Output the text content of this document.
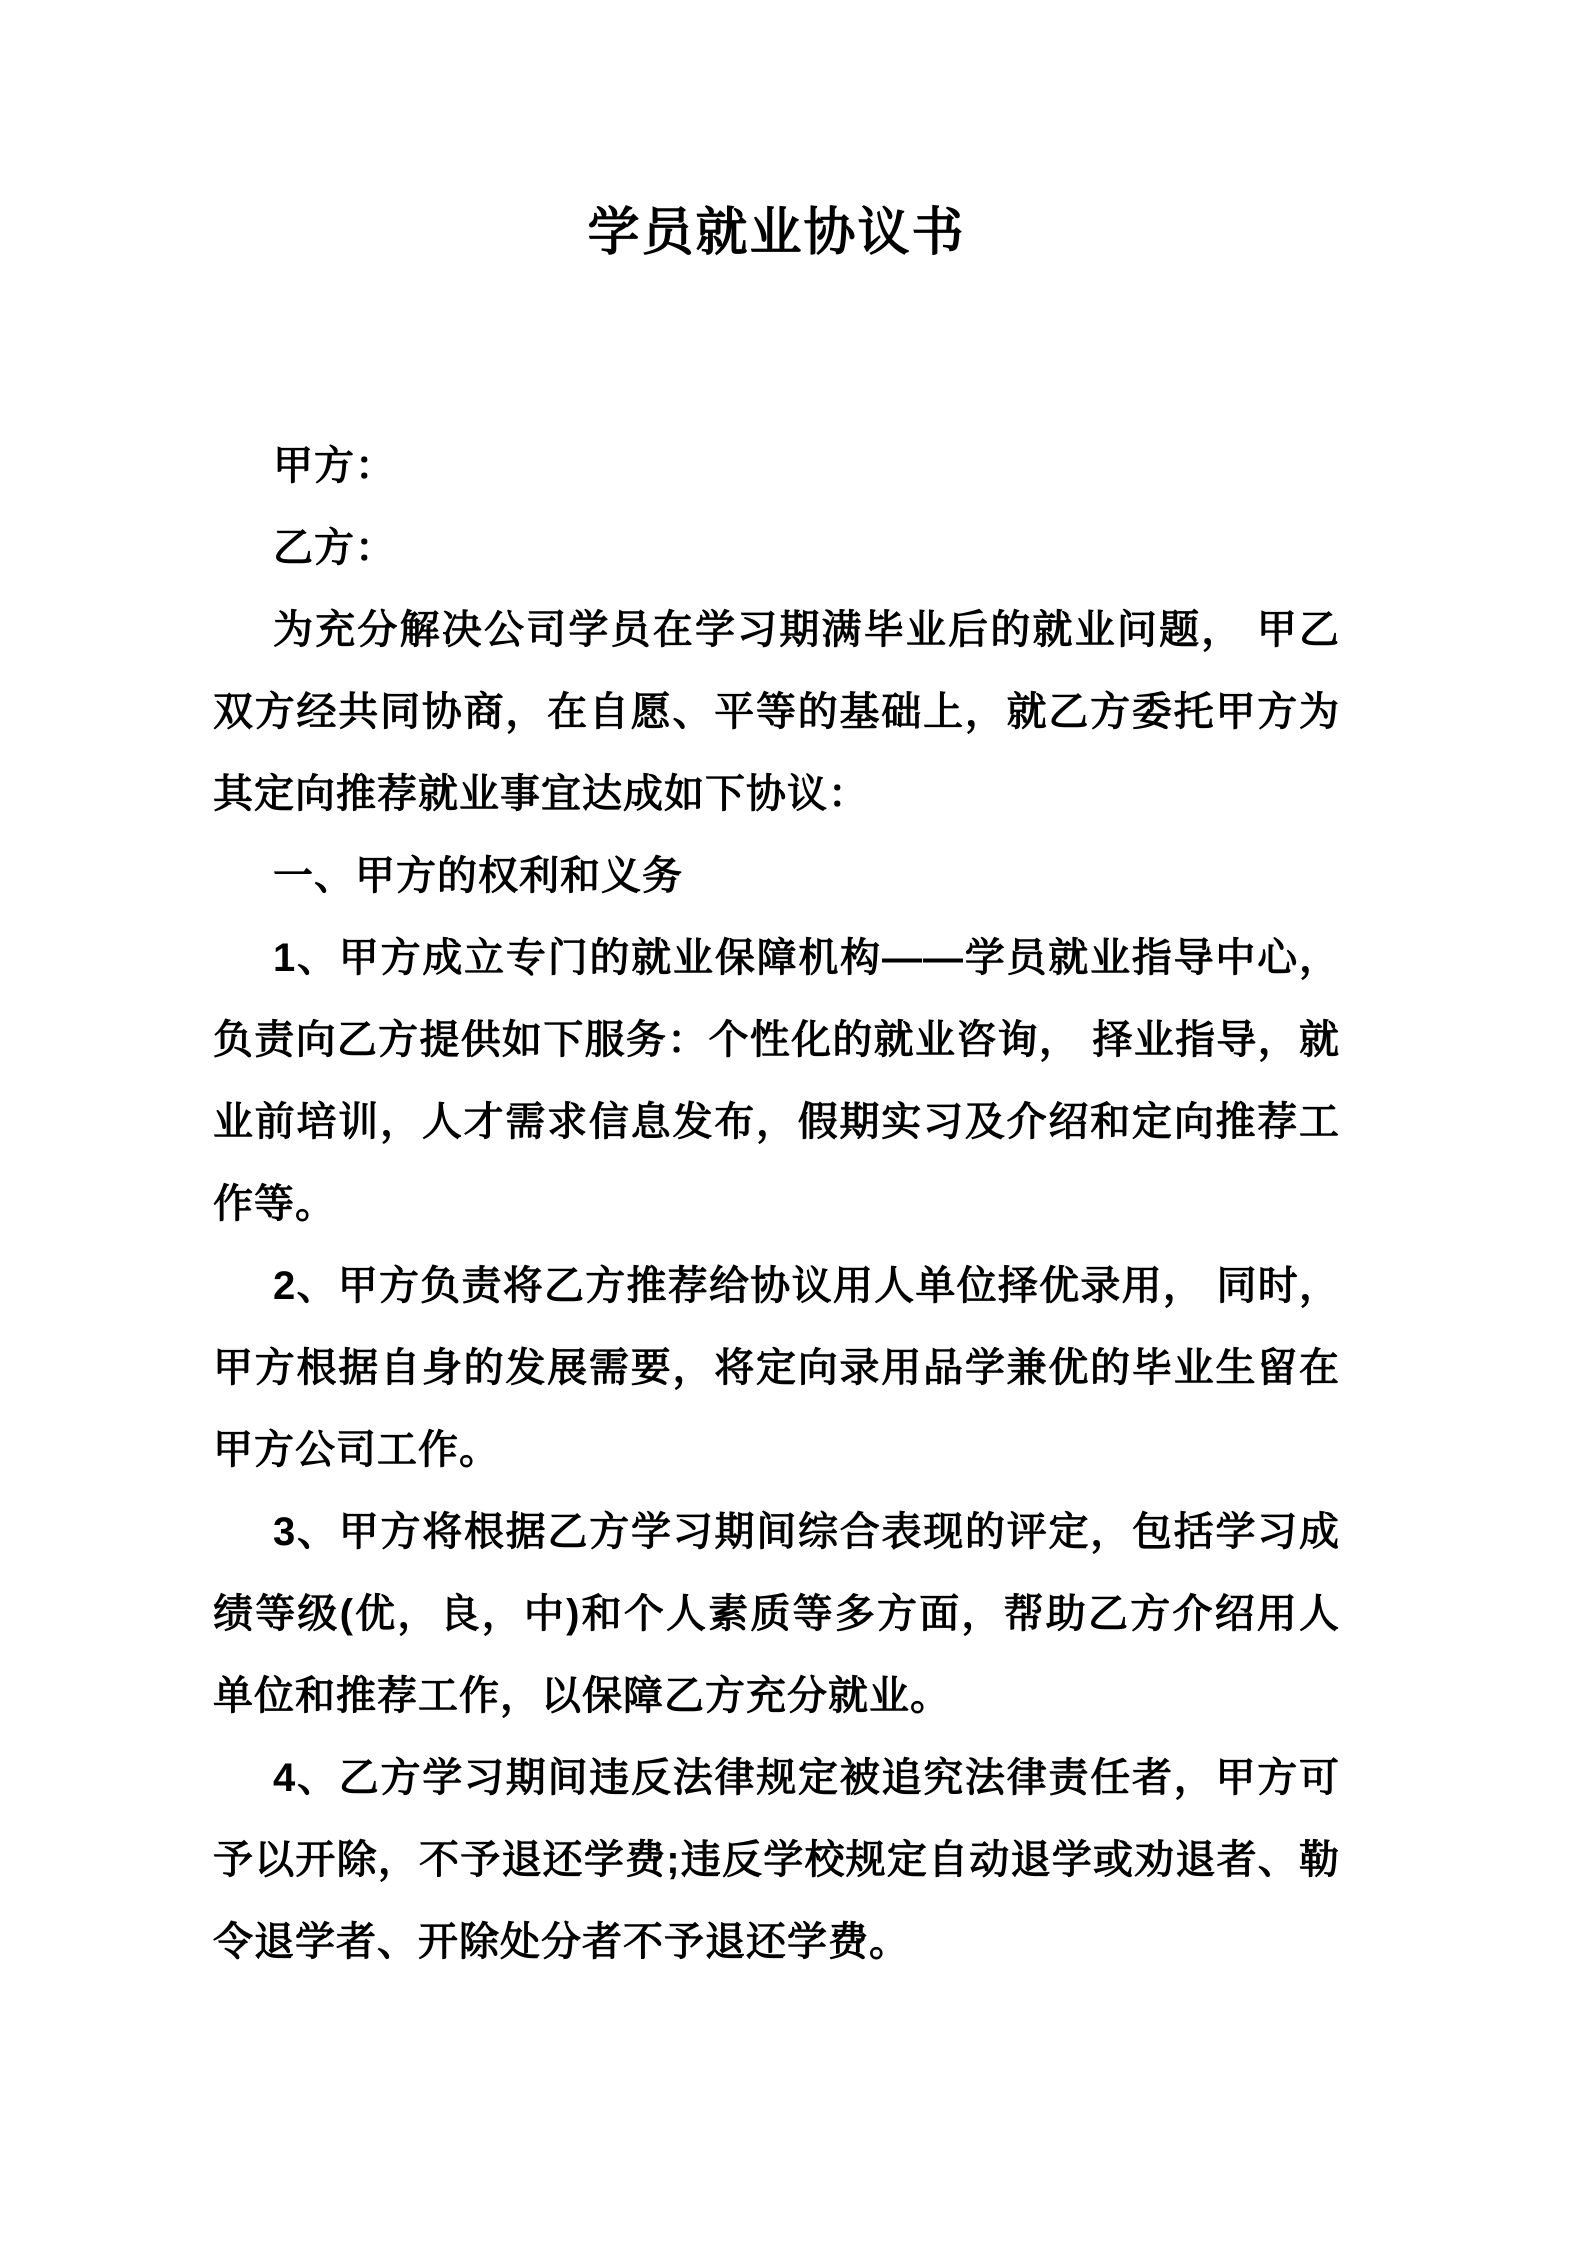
学员就业协议书

甲方：

乙方：

为充分解决公司学员在学习期满毕业后的就业问题， 甲乙双方经共同协商，在自愿、平等的基础上，就乙方委托甲方为其定向推荐就业事宜达成如下协议：

一、甲方的权利和义务

1、甲方成立专门的就业保障机构——学员就业指导中心，负责向乙方提供如下服务：个性化的就业咨询， 择业指导，就业前培训，人才需求信息发布，假期实习及介绍和定向推荐工作等。

2、甲方负责将乙方推荐给协议用人单位择优录用， 同时，甲方根据自身的发展需要，将定向录用品学兼优的毕业生留在甲方公司工作。

3、甲方将根据乙方学习期间综合表现的评定，包括学习成绩等级(优，良，中)和个人素质等多方面，帮助乙方介绍用人单位和推荐工作，以保障乙方充分就业。

4、乙方学习期间违反法律规定被追究法律责任者，甲方可予以开除，不予退还学费;违反学校规定自动退学或劝退者、勒令退学者、开除处分者不予退还学费。
